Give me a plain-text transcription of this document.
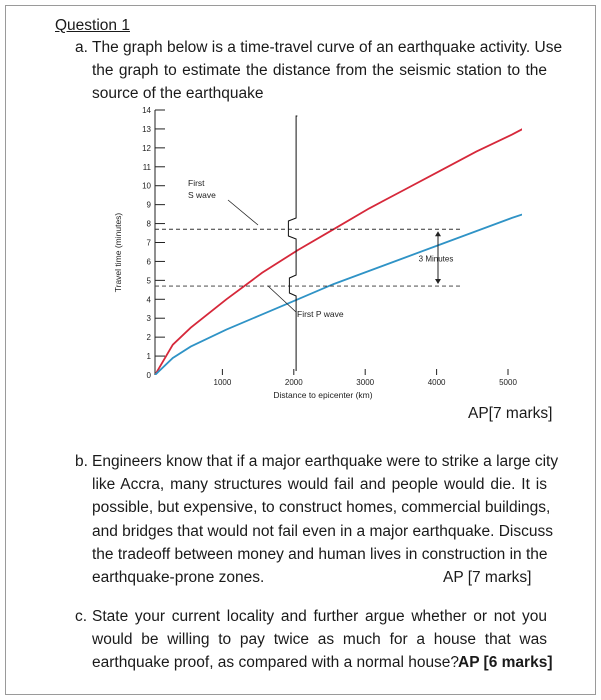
Question 1
a. The graph below is a time-travel curve of an earthquake activity. Use
the graph to estimate the distance from the seismic station to the
source of the earthquake
0
1
2
3
4
5
6
7
8
9
10
11
12
13
14
Travel time (minutes)
1000	2000	3000	4000	5000
Distance to epicenter (km)
3 Minutes
First
S wave
First P wave
AP[7 marks]
b. Engineers know that if a major earthquake were to strike a large city
like Accra, many structures would fail and people would die. It is
possible, but expensive, to construct homes, commercial buildings,
and bridges that would not fail even in a major earthquake. Discuss
the tradeoff between money and human lives in construction in the
earthquake-prone zones.	AP [7 marks]
c. State your current locality and further argue whether or not you
would be willing to pay twice as much for a house that was
earthquake proof, as compared with a normal house?
AP [6 marks]
